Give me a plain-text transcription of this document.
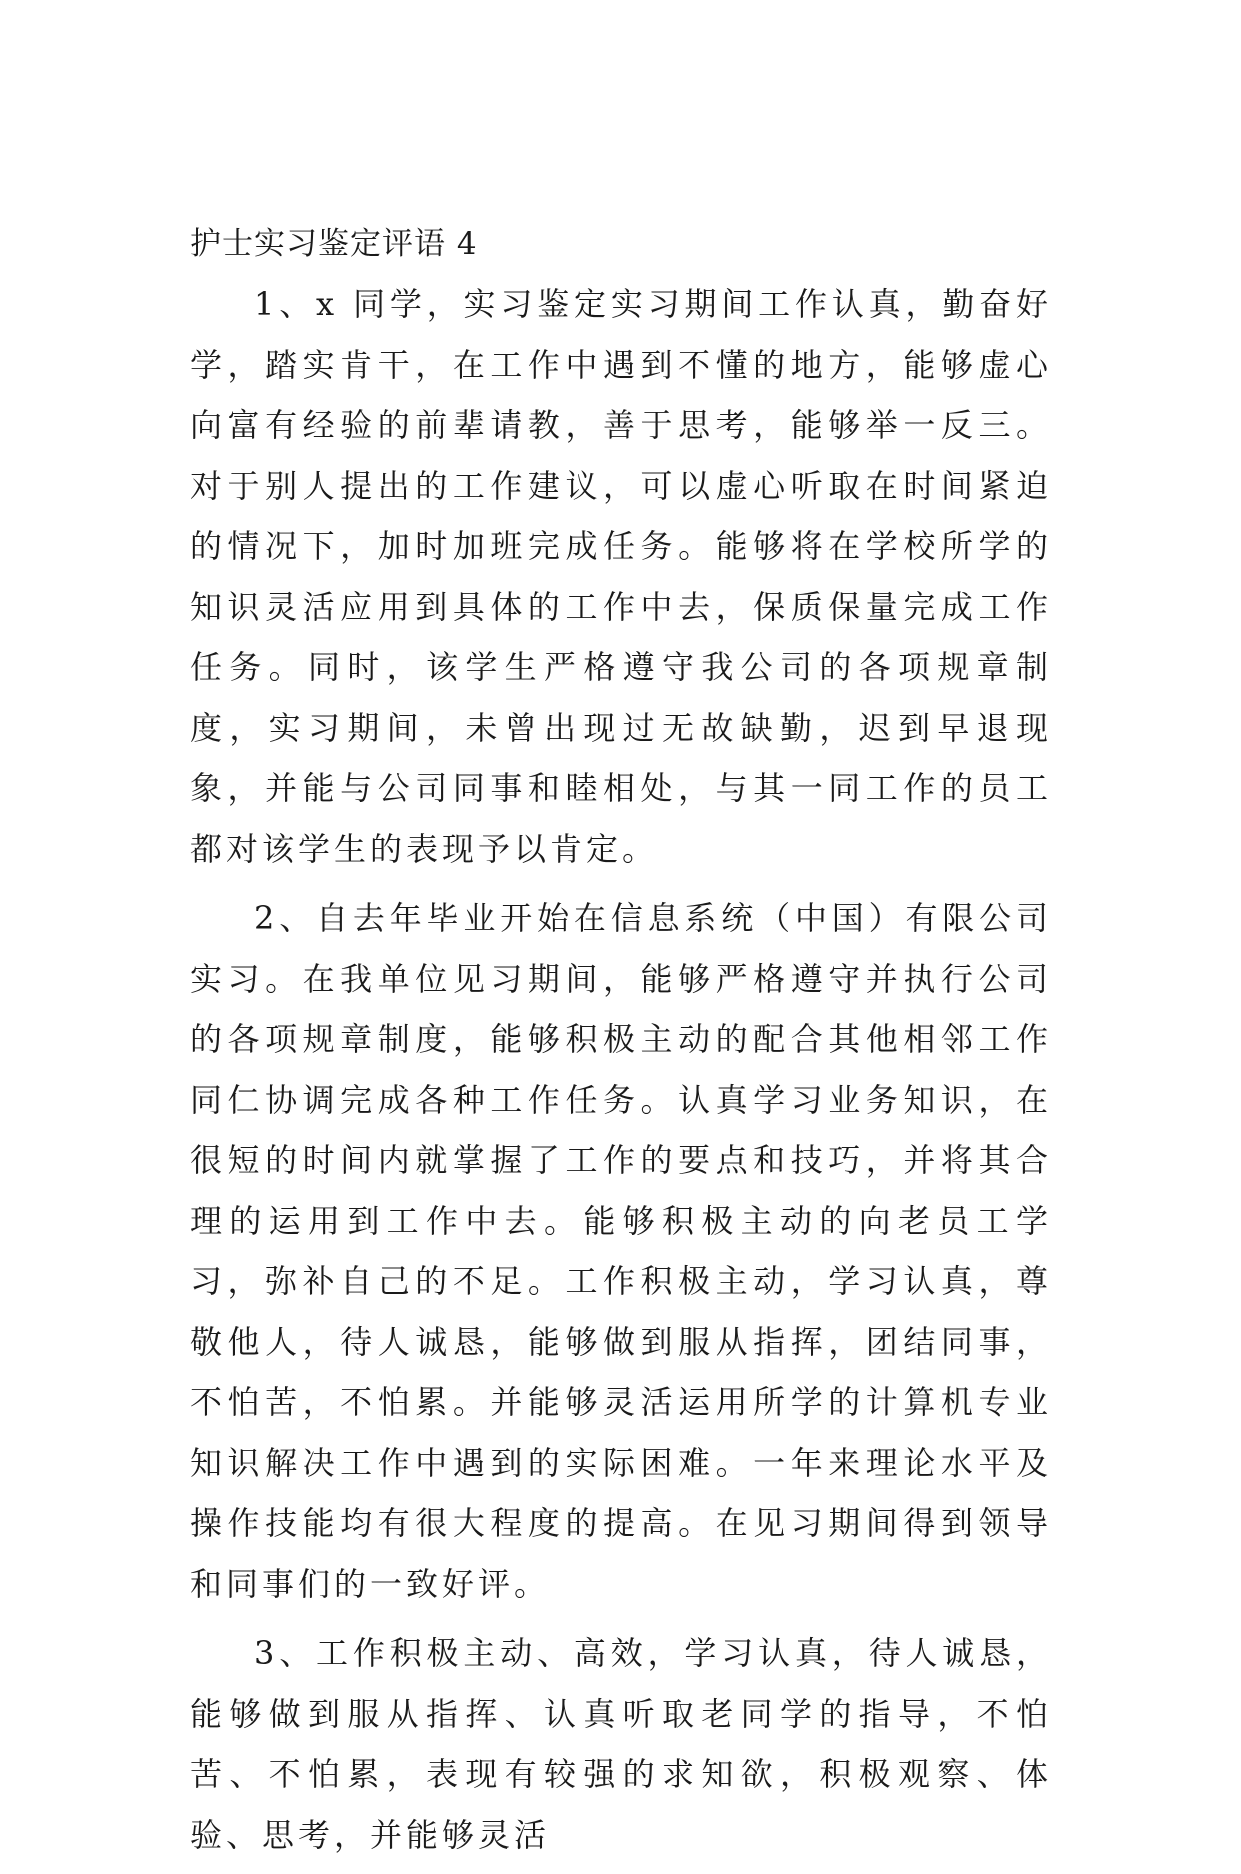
护士实习鉴定评语 4

1、x 同学，实习鉴定实习期间工作认真，勤奋好学，踏实肯干，在工作中遇到不懂的地方，能够虚心向富有经验的前辈请教，善于思考，能够举一反三。对于别人提出的工作建议，可以虚心听取在时间紧迫的情况下，加时加班完成任务。能够将在学校所学的知识灵活应用到具体的工作中去，保质保量完成工作任务。同时，该学生严格遵守我公司的各项规章制度，实习期间，未曾出现过无故缺勤，迟到早退现象，并能与公司同事和睦相处，与其一同工作的员工都对该学生的表现予以肯定。

2、自去年毕业开始在信息系统（中国）有限公司实习。在我单位见习期间，能够严格遵守并执行公司的各项规章制度，能够积极主动的配合其他相邻工作同仁协调完成各种工作任务。认真学习业务知识，在很短的时间内就掌握了工作的要点和技巧，并将其合理的运用到工作中去。能够积极主动的向老员工学习，弥补自己的不足。工作积极主动，学习认真，尊敬他人，待人诚恳，能够做到服从指挥，团结同事，不怕苦，不怕累。并能够灵活运用所学的计算机专业知识解决工作中遇到的实际困难。一年来理论水平及操作技能均有很大程度的提高。在见习期间得到领导和同事们的一致好评。

3、工作积极主动、高效，学习认真，待人诚恳，能够做到服从指挥、认真听取老同学的指导，不怕苦、不怕累，表现有较强的求知欲，积极观察、体验、思考，并能够灵活
